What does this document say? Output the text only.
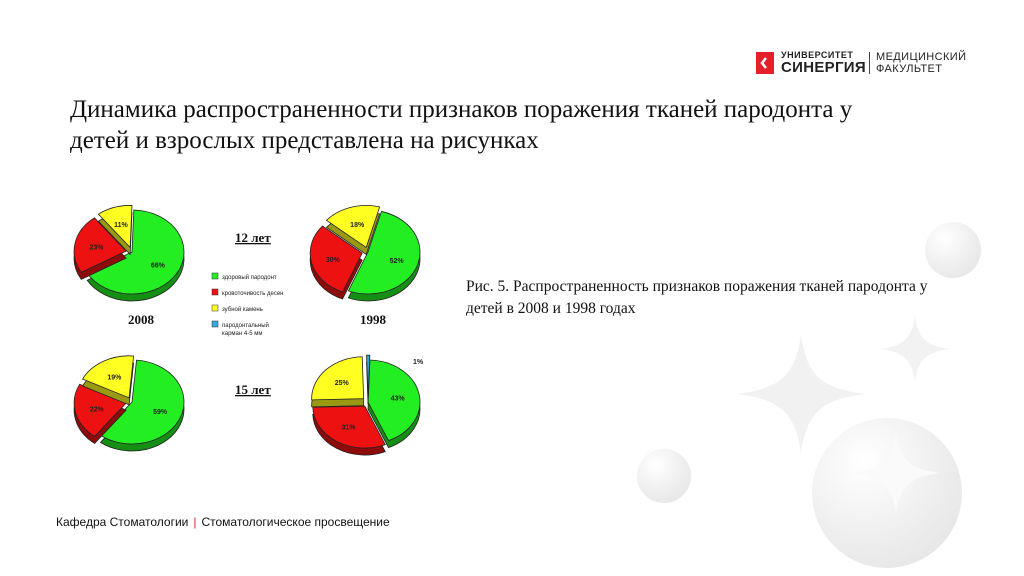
УНИВЕРСИТЕТ
СИНЕРГИЯ
МЕДИЦИНСКИЙ
ФАКУЛЬТЕТ
Динамика распространенности признаков поражения тканей пародонта у детей и взрослых представлена на рисунках
66%
23%
11%
52%
30%
18%
59%
22%
19%
43%
31%
25%
1%
12 лет
15 лет
2008	1998
здоровый пародонт
кровоточивость десен
зубной камень
пародонтальный
карман 4-5 мм
Рис. 5. Распространенность признаков поражения тканей пародонта у детей в 2008 и 1998 годах
Кафедра Стоматологии | Стоматологическое просвещение
